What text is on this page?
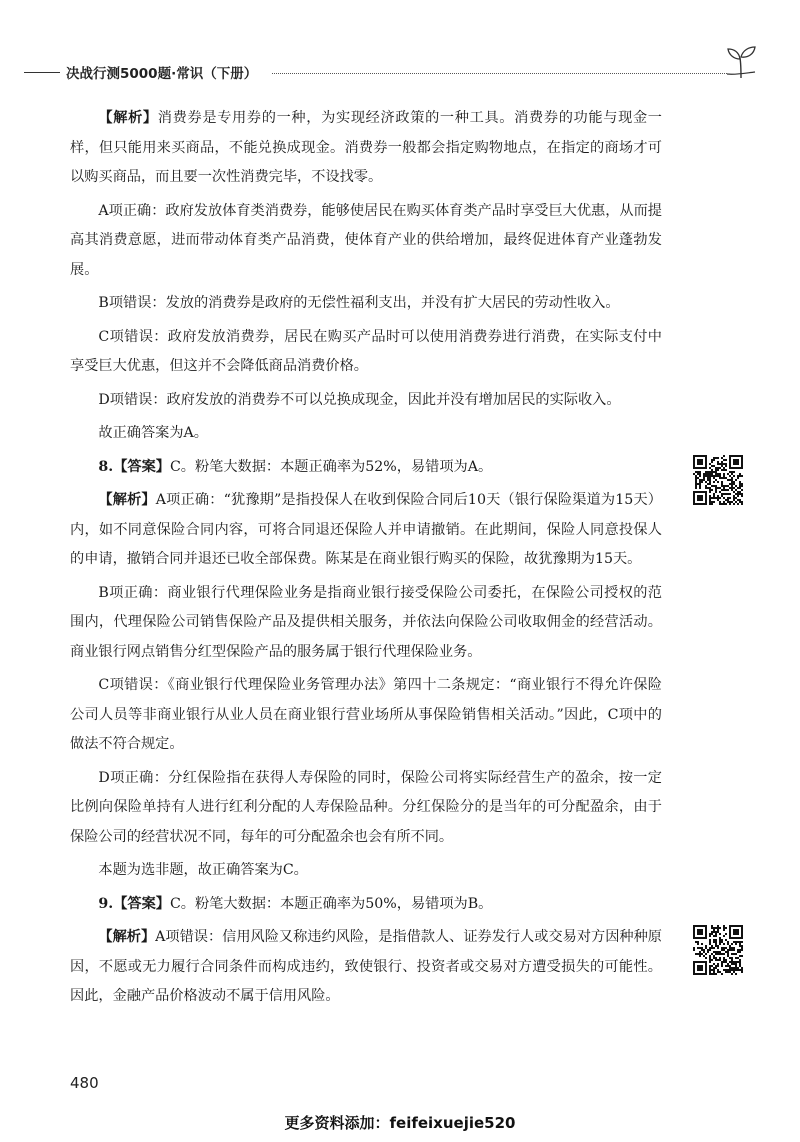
决战行测5000题·常识（下册）

【解析】消费券是专用券的一种，为实现经济政策的一种工具。消费券的功能与现金一样，但只能用来买商品，不能兑换成现金。消费券一般都会指定购物地点，在指定的商场才可以购买商品，而且要一次性消费完毕，不设找零。

A项正确：政府发放体育类消费券，能够使居民在购买体育类产品时享受巨大优惠，从而提高其消费意愿，进而带动体育类产品消费，使体育产业的供给增加，最终促进体育产业蓬勃发展。

B项错误：发放的消费券是政府的无偿性福利支出，并没有扩大居民的劳动性收入。

C项错误：政府发放消费券，居民在购买产品时可以使用消费券进行消费，在实际支付中享受巨大优惠，但这并不会降低商品消费价格。

D项错误：政府发放的消费券不可以兑换成现金，因此并没有增加居民的实际收入。

故正确答案为A。

8.【答案】C。粉笔大数据：本题正确率为52%，易错项为A。

【解析】A项正确：“犹豫期”是指投保人在收到保险合同后10天（银行保险渠道为15天）内，如不同意保险合同内容，可将合同退还保险人并申请撤销。在此期间，保险人同意投保人的申请，撤销合同并退还已收全部保费。陈某是在商业银行购买的保险，故犹豫期为15天。

B项正确：商业银行代理保险业务是指商业银行接受保险公司委托，在保险公司授权的范围内，代理保险公司销售保险产品及提供相关服务，并依法向保险公司收取佣金的经营活动。商业银行网点销售分红型保险产品的服务属于银行代理保险业务。

C项错误：《商业银行代理保险业务管理办法》第四十二条规定：“商业银行不得允许保险公司人员等非商业银行从业人员在商业银行营业场所从事保险销售相关活动。”因此，C项中的做法不符合规定。

D项正确：分红保险指在获得人寿保险的同时，保险公司将实际经营生产的盈余，按一定比例向保险单持有人进行红利分配的人寿保险品种。分红保险分的是当年的可分配盈余，由于保险公司的经营状况不同，每年的可分配盈余也会有所不同。

本题为选非题，故正确答案为C。

9.【答案】C。粉笔大数据：本题正确率为50%，易错项为B。

【解析】A项错误：信用风险又称违约风险，是指借款人、证券发行人或交易对方因种种原因，不愿或无力履行合同条件而构成违约，致使银行、投资者或交易对方遭受损失的可能性。因此，金融产品价格波动不属于信用风险。

480
更多资料添加：feifeixuejie520
